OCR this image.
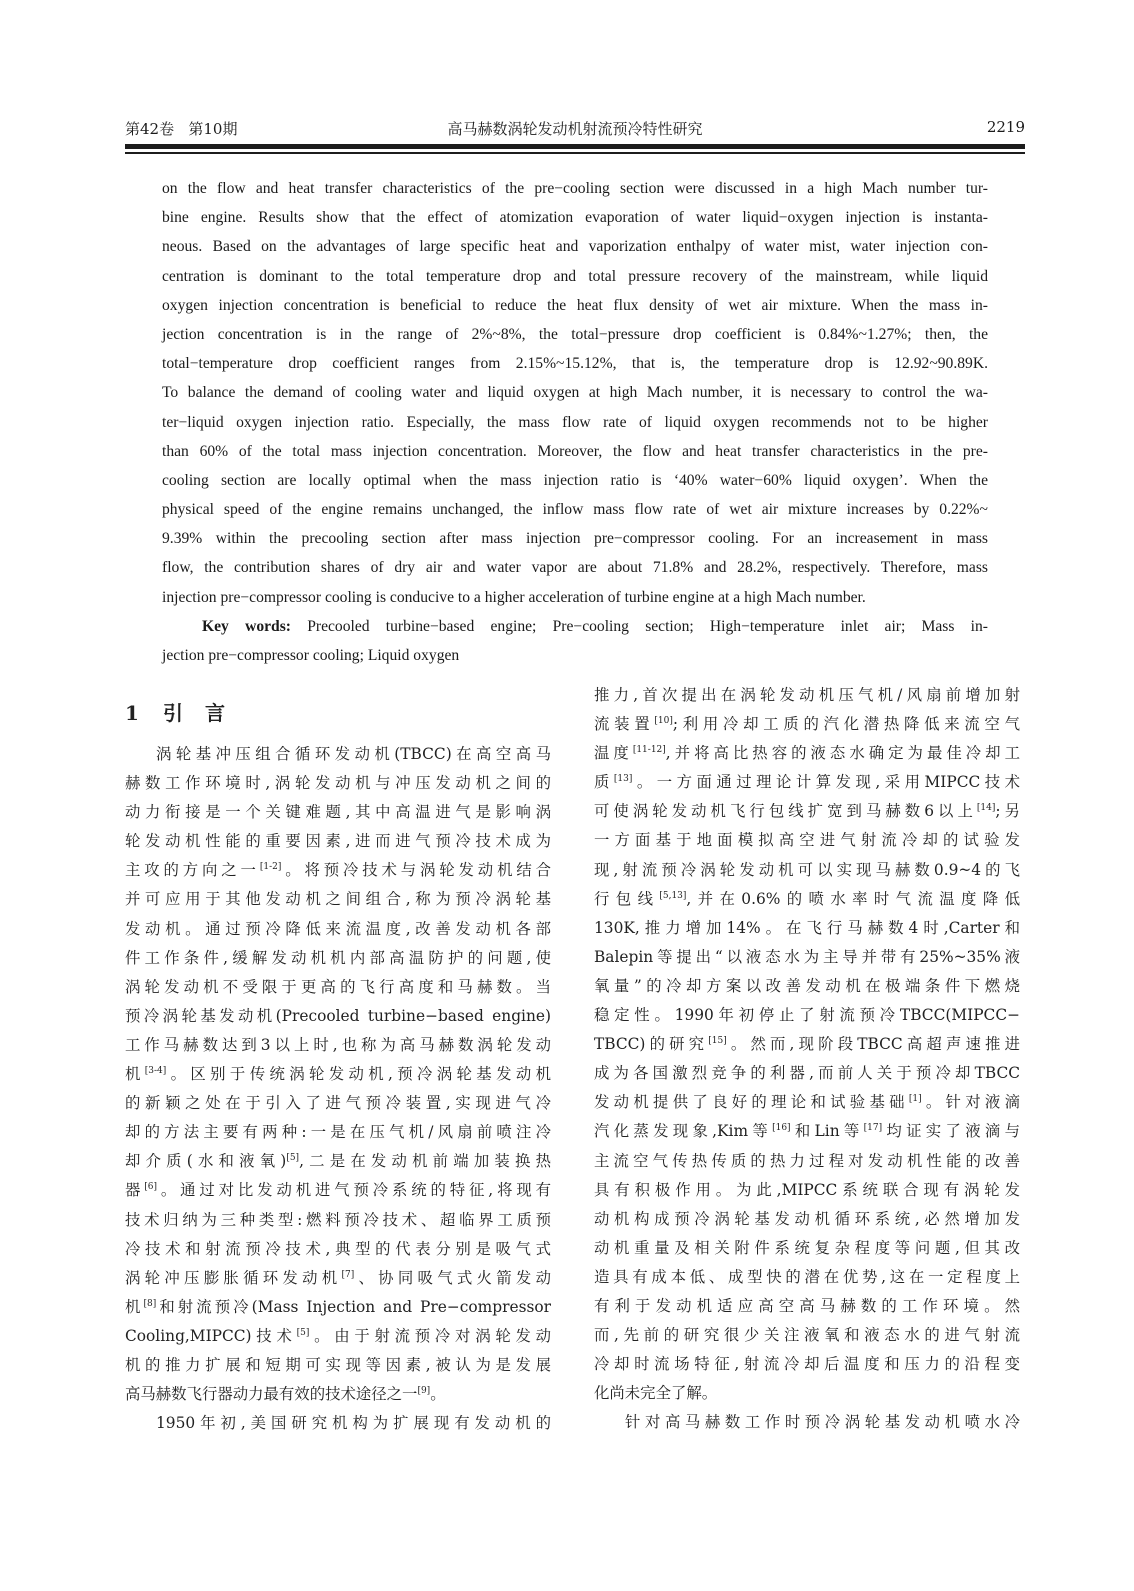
第42卷   第10期	高马赫数涡轮发动机射流预冷特性研究	2219
on the flow and heat transfer characteristics of the pre−cooling section were discussed in a high Mach number tur-
bine engine. Results show that the effect of atomization evaporation of water liquid−oxygen injection is instanta-
neous. Based on the advantages of large specific heat and vaporization enthalpy of water mist, water injection con-
centration is dominant to the total temperature drop and total pressure recovery of the mainstream, while liquid
oxygen injection concentration is beneficial to reduce the heat flux density of wet air mixture. When the mass in-
jection concentration is in the range of 2%~8%, the total−pressure drop coefficient is 0.84%~1.27%; then, the
total−temperature drop coefficient ranges from 2.15%~15.12%, that is, the temperature drop is 12.92~90.89K.
To balance the demand of cooling water and liquid oxygen at high Mach number, it is necessary to control the wa-
ter−liquid oxygen injection ratio. Especially, the mass flow rate of liquid oxygen recommends not to be higher
than 60% of the total mass injection concentration. Moreover, the flow and heat transfer characteristics in the pre-
cooling section are locally optimal when the mass injection ratio is ‘40% water−60% liquid oxygen’. When the
physical speed of the engine remains unchanged, the inflow mass flow rate of wet air mixture increases by 0.22%~
9.39% within the precooling section after mass injection pre−compressor cooling. For an increasement in mass
flow, the contribution shares of dry air and water vapor are about 71.8% and 28.2%, respectively. Therefore, mass
injection pre−compressor cooling is conducive to a higher acceleration of turbine engine at a high Mach number.
Key words: Precooled turbine−based engine; Pre−cooling section; High−temperature inlet air; Mass in-
jection pre−compressor cooling; Liquid oxygen
1 引言
涡轮基冲压组合循环发动机(TBCC)在高空高马
赫数工作环境时,涡轮发动机与冲压发动机之间的
动力衔接是一个关键难题,其中高温进气是影响涡
轮发动机性能的重要因素,进而进气预冷技术成为
主攻的方向之一[1-2]。将预冷技术与涡轮发动机结合
并可应用于其他发动机之间组合,称为预冷涡轮基
发动机。通过预冷降低来流温度,改善发动机各部
件工作条件,缓解发动机机内部高温防护的问题,使
涡轮发动机不受限于更高的飞行高度和马赫数。当
预冷涡轮基发动机(Precooled turbine−based engine)
工作马赫数达到3以上时,也称为高马赫数涡轮发动
机[3-4]。区别于传统涡轮发动机,预冷涡轮基发动机
的新颖之处在于引入了进气预冷装置,实现进气冷
却的方法主要有两种:一是在压气机/风扇前喷注冷
却介质(水和液氧)[5],二是在发动机前端加装换热
器[6]。通过对比发动机进气预冷系统的特征,将现有
技术归纳为三种类型:燃料预冷技术、超临界工质预
冷技术和射流预冷技术,典型的代表分别是吸气式
涡轮冲压膨胀循环发动机[7]、协同吸气式火箭发动
机[8]和射流预冷(Mass Injection and Pre−compressor
Cooling,MIPCC)技术[5]。由于射流预冷对涡轮发动
机的推力扩展和短期可实现等因素,被认为是发展
高马赫数飞行器动力最有效的技术途径之一[9]。
1950年初,美国研究机构为扩展现有发动机的
推力,首次提出在涡轮发动机压气机/风扇前增加射
流装置[10];利用冷却工质的汽化潜热降低来流空气
温度[11-12],并将高比热容的液态水确定为最佳冷却工
质[13]。一方面通过理论计算发现,采用MIPCC技术
可使涡轮发动机飞行包线扩宽到马赫数6以上[14];另
一方面基于地面模拟高空进气射流冷却的试验发
现,射流预冷涡轮发动机可以实现马赫数0.9~4的飞
行包线[5,13],并在0.6%的喷水率时气流温度降低
130K,推力增加14%。在飞行马赫数4时,Carter和
Balepin等提出“以液态水为主导并带有25%~35%液
氧量”的冷却方案以改善发动机在极端条件下燃烧
稳定性。1990年初停止了射流预冷TBCC(MIPCC−
TBCC)的研究[15]。然而,现阶段TBCC高超声速推进
成为各国激烈竞争的利器,而前人关于预冷却TBCC
发动机提供了良好的理论和试验基础[1]。针对液滴
汽化蒸发现象,Kim等[16]和Lin等[17]均证实了液滴与
主流空气传热传质的热力过程对发动机性能的改善
具有积极作用。为此,MIPCC系统联合现有涡轮发
动机构成预冷涡轮基发动机循环系统,必然增加发
动机重量及相关附件系统复杂程度等问题,但其改
造具有成本低、成型快的潜在优势,这在一定程度上
有利于发动机适应高空高马赫数的工作环境。然
而,先前的研究很少关注液氧和液态水的进气射流
冷却时流场特征,射流冷却后温度和压力的沿程变
化尚未完全了解。
针对高马赫数工作时预冷涡轮基发动机喷水冷
